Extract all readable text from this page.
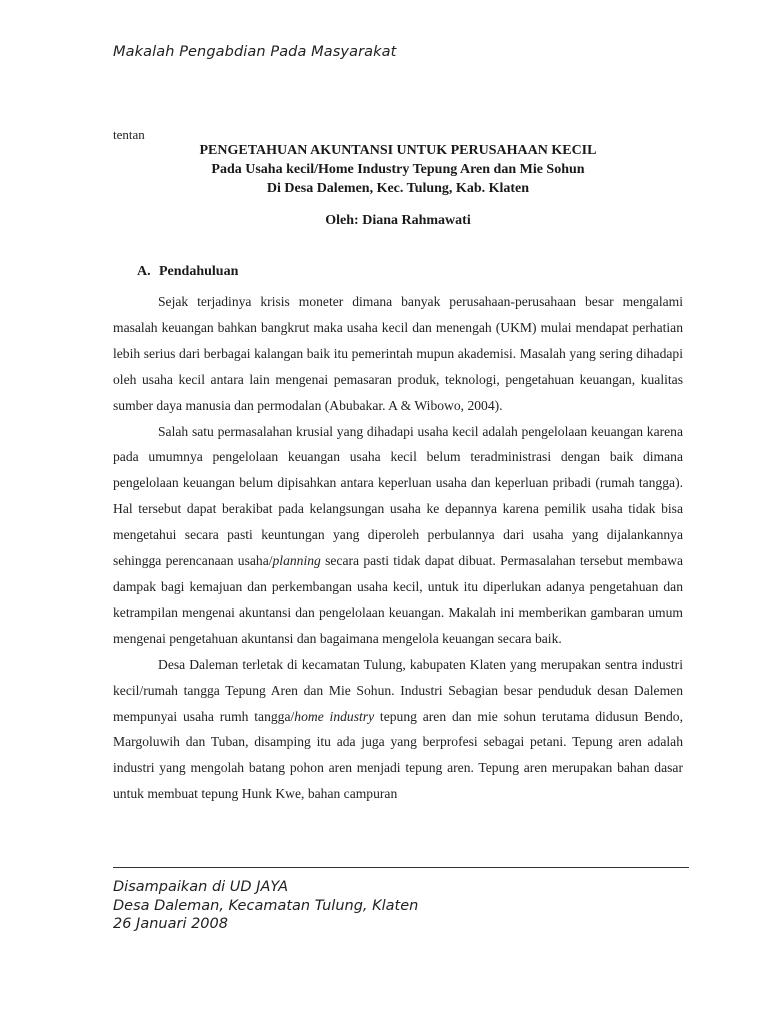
Makalah Pengabdian Pada Masyarakat
tentan
PENGETAHUAN AKUNTANSI UNTUK PERUSAHAAN KECIL
Pada Usaha kecil/Home Industry Tepung Aren dan Mie Sohun
Di Desa Dalemen, Kec. Tulung, Kab. Klaten
Oleh: Diana Rahmawati
A. Pendahuluan

Sejak terjadinya krisis moneter dimana banyak perusahaan-perusahaan besar mengalami masalah keuangan bahkan bangkrut maka usaha kecil dan menengah (UKM) mulai mendapat perhatian lebih serius dari berbagai kalangan baik itu pemerintah mupun akademisi. Masalah yang sering dihadapi oleh usaha kecil antara lain mengenai pemasaran produk, teknologi, pengetahuan keuangan, kualitas sumber daya manusia dan permodalan (Abubakar. A & Wibowo, 2004).

Salah satu permasalahan krusial yang dihadapi usaha kecil adalah pengelolaan keuangan karena pada umumnya pengelolaan keuangan usaha kecil belum teradministrasi dengan baik dimana pengelolaan keuangan belum dipisahkan antara keperluan usaha dan keperluan pribadi (rumah tangga). Hal tersebut dapat berakibat pada kelangsungan usaha ke depannya karena pemilik usaha tidak bisa mengetahui secara pasti keuntungan yang diperoleh perbulannya dari usaha yang dijalankannya sehingga perencanaan usaha/planning secara pasti tidak dapat dibuat. Permasalahan tersebut membawa dampak bagi kemajuan dan perkembangan usaha kecil, untuk itu diperlukan adanya pengetahuan dan ketrampilan mengenai akuntansi dan pengelolaan keuangan. Makalah ini memberikan gambaran umum mengenai pengetahuan akuntansi dan bagaimana mengelola keuangan secara baik.

Desa Daleman terletak di kecamatan Tulung, kabupaten Klaten yang merupakan sentra industri kecil/rumah tangga Tepung Aren dan Mie Sohun. Industri Sebagian besar penduduk desan Dalemen mempunyai usaha rumh tangga/home industry tepung aren dan mie sohun terutama didusun Bendo, Margoluwih dan Tuban, disamping itu ada juga yang berprofesi sebagai petani. Tepung aren adalah industri yang mengolah batang pohon aren menjadi tepung aren. Tepung aren merupakan bahan dasar untuk membuat tepung Hunk Kwe, bahan campuran

Disampaikan di UD JAYA
Desa Daleman, Kecamatan Tulung, Klaten
26 Januari 2008
